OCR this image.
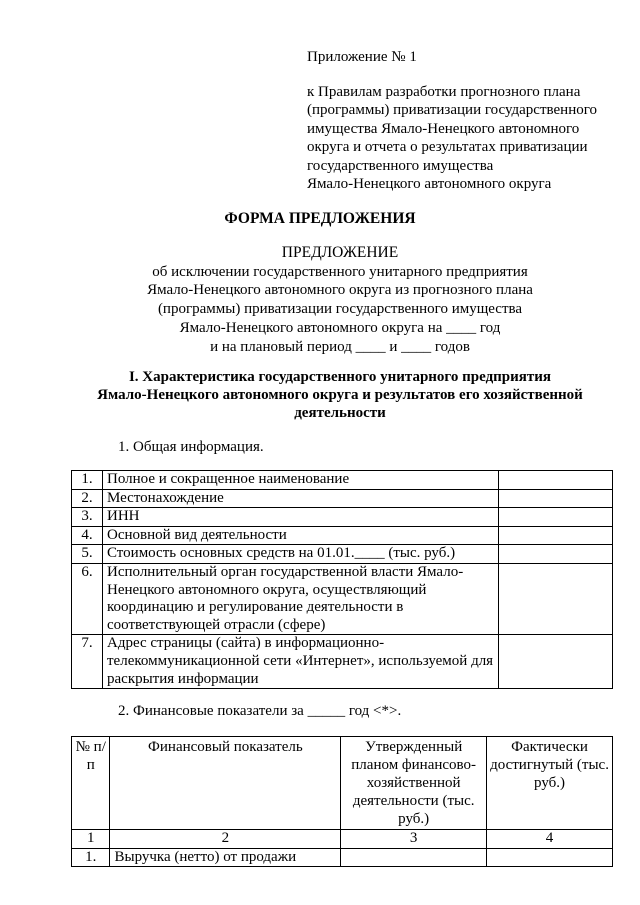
Приложение № 1
к Правилам разработки прогнозного плана
(программы) приватизации государственного
имущества Ямало-Ненецкого автономного
округа и отчета о результатах приватизации
государственного имущества
Ямало-Ненецкого автономного округа
ФОРМА ПРЕДЛОЖЕНИЯ
ПРЕДЛОЖЕНИЕ
об исключении государственного унитарного предприятия
Ямало-Ненецкого автономного округа из прогнозного плана
(программы) приватизации государственного имущества
Ямало-Ненецкого автономного округа на ____ год
и на плановый период ____ и ____ годов
I. Характеристика государственного унитарного предприятия
Ямало-Ненецкого автономного округа и результатов его хозяйственной
деятельности
1. Общая информация.
1.	Полное и сокращенное наименование	
2.	Местонахождение	
3.	ИНН	
4.	Основной вид деятельности	
5.	Стоимость основных средств на 01.01.____ (тыс. руб.)	
6.	Исполнительный орган государственной власти Ямало-Ненецкого автономного округа, осуществляющий координацию и регулирование деятельности в соответствующей отрасли (сфере)	
7.	Адрес страницы (сайта) в информационно-телекоммуникационной сети «Интернет», используемой для раскрытия информации	
2. Финансовые показатели за _____ год <*>.
№ п/п	Финансовый показатель	Утвержденный планом финансово-хозяйственной деятельности (тыс. руб.)	Фактически достигнутый (тыс. руб.)
1	2	3	4
1.	Выручка (нетто) от продажи		
